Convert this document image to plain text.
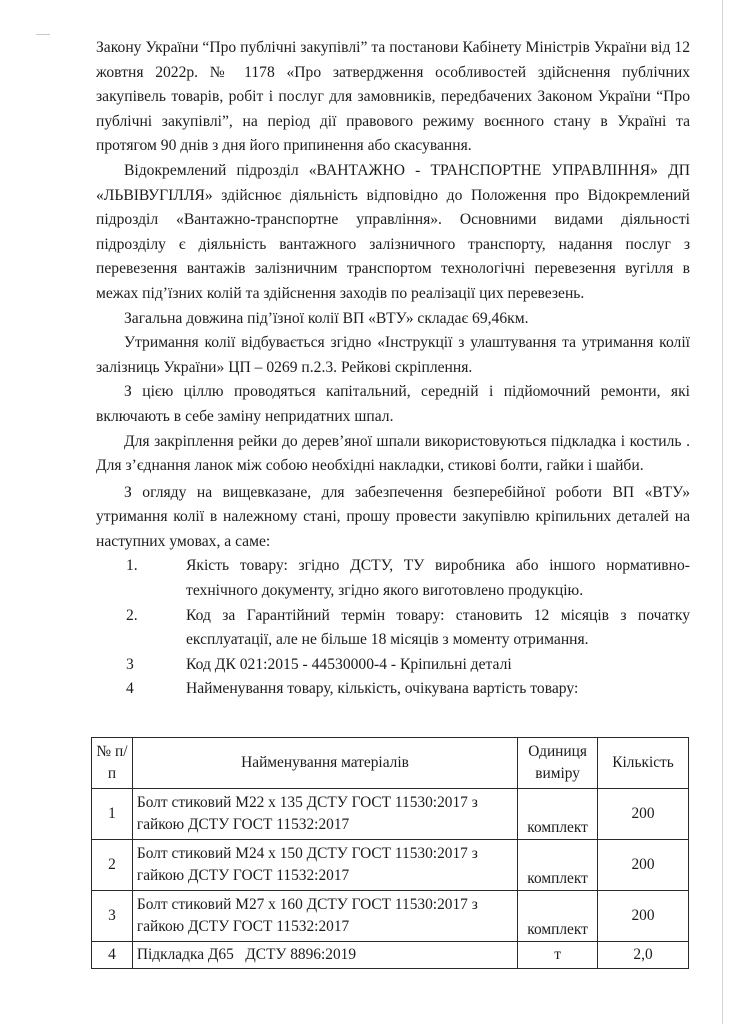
Закону України “Про публічні закупівлі” та постанови Кабінету Міністрів України від 12 жовтня 2022р. № 1178 «Про затвердження особливостей здійснення публічних закупівель товарів, робіт і послуг для замовників, передбачених Законом України “Про публічні закупівлі”, на період дії правового режиму воєнного стану в Україні та протягом 90 днів з дня його припинення або скасування.

Відокремлений підрозділ «ВАНТАЖНО - ТРАНСПОРТНЕ УПРАВЛІННЯ» ДП «ЛЬВІВУГІЛЛЯ» здійснює діяльність відповідно до Положення про Відокремлений підрозділ «Вантажно-транспортне управління». Основними видами діяльності підрозділу є діяльність вантажного залізничного транспорту, надання послуг з перевезення вантажів залізничним транспортом технологічні перевезення вугілля в межах під’їзних колій та здійснення заходів по реалізації цих перевезень.

Загальна довжина під’їзної колії ВП «ВТУ» складає 69,46км.

Утримання колії відбувається згідно «Інструкції з улаштування та утримання колії залізниць України» ЦП – 0269 п.2.3. Рейкові скріплення.

З цією ціллю проводяться капітальний, середній і підйомочний ремонти, які включають в себе заміну непридатних шпал.

Для закріплення рейки до дерев’яної шпали використовуються підкладка і костиль . Для з’єднання ланок між собою необхідні накладки, стикові болти, гайки і шайби.

З огляду на вищевказане, для забезпечення безперебійної роботи ВП «ВТУ» утримання колії в належному стані, прошу провести закупівлю кріпильних деталей на наступних умовах, а саме:

1.	Якість товару: згідно ДСТУ, ТУ виробника або іншого нормативно-технічного документу, згідно якого виготовлено продукцію.
2.	Код за Гарантійний термін товару: становить 12 місяців з початку експлуатації, але не більше 18 місяців з моменту отримання.
3	Код ДК 021:2015 - 44530000-4 - Кріпильні деталі
4	Найменування товару, кількість, очікувана вартість товару:
№ п/п	Найменування матеріалів	Одиниця виміру	Кількість
1	Болт стиковий М22 х 135 ДСТУ ГОСТ 11530:2017 з гайкою ДСТУ ГОСТ 11532:2017	комплект	200
2	Болт стиковий М24 х 150 ДСТУ ГОСТ 11530:2017 з гайкою ДСТУ ГОСТ 11532:2017	комплект	200
3	Болт стиковий М27 х 160 ДСТУ ГОСТ 11530:2017 з гайкою ДСТУ ГОСТ 11532:2017	комплект	200
4	Підкладка Д65   ДСТУ 8896:2019	т	2,0
